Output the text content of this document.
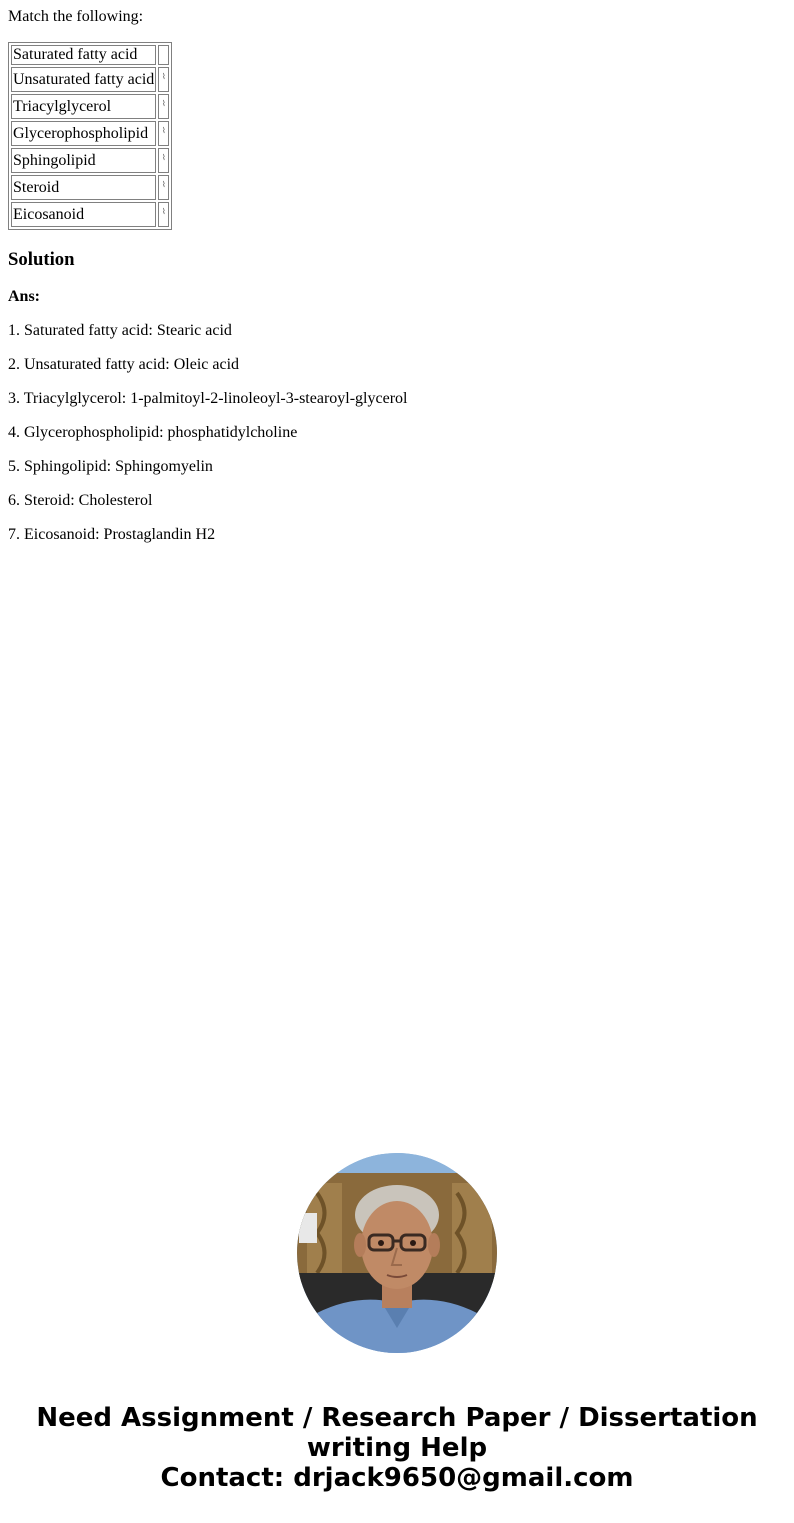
Match the following:

Saturated fatty acid	
Unsaturated fatty acid	⌇
Triacylglycerol	⌇
Glycerophospholipid	⌇
Sphingolipid	⌇
Steroid	⌇
Eicosanoid	⌇
Solution

Ans:

1. Saturated fatty acid: Stearic acid

2. Unsaturated fatty acid: Oleic acid

3. Triacylglycerol: 1-palmitoyl-2-linoleoyl-3-stearoyl-glycerol

4. Glycerophospholipid: phosphatidylcholine

5. Sphingolipid: Sphingomyelin

6. Steroid: Cholesterol

7. Eicosanoid: Prostaglandin H2

Need Assignment / Research Paper / Dissertation
writing Help
Contact: drjack9650@gmail.com
